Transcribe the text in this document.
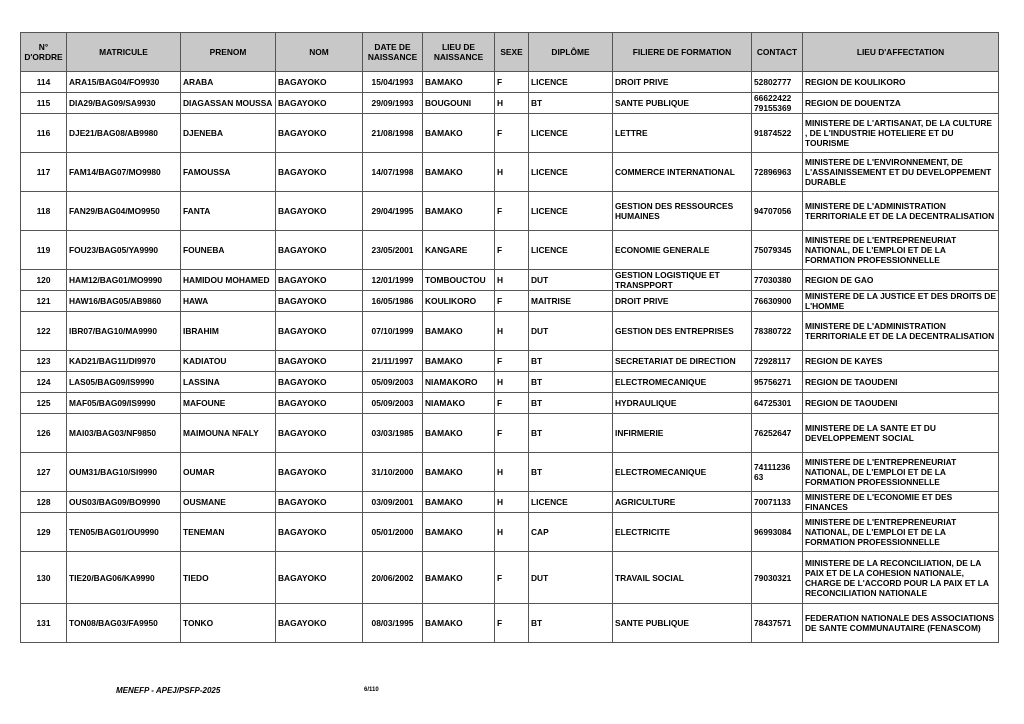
N° D'ORDRE	MATRICULE	PRENOM	NOM	DATE DE NAISSANCE	LIEU DE NAISSANCE	SEXE	DIPLÔME	FILIERE DE FORMATION	CONTACT	LIEU D'AFFECTATION
114	ARA15/BAG04/FO9930	ARABA	BAGAYOKO	15/04/1993	BAMAKO	F	LICENCE	DROIT PRIVE	52802777	REGION DE KOULIKORO
115	DIA29/BAG09/SA9930	DIAGASSAN MOUSSA	BAGAYOKO	29/09/1993	BOUGOUNI	H	BT	SANTE PUBLIQUE	66622422 79155369	REGION DE DOUENTZA
116	DJE21/BAG08/AB9980	DJENEBA	BAGAYOKO	21/08/1998	BAMAKO	F	LICENCE	LETTRE	91874522	MINISTERE DE L'ARTISANAT, DE LA CULTURE , DE L'INDUSTRIE HOTELIERE ET DU TOURISME
117	FAM14/BAG07/MO9980	FAMOUSSA	BAGAYOKO	14/07/1998	BAMAKO	H	LICENCE	COMMERCE INTERNATIONAL	72896963	MINISTERE DE L'ENVIRONNEMENT, DE L'ASSAINISSEMENT ET DU DEVELOPPEMENT DURABLE
118	FAN29/BAG04/MO9950	FANTA	BAGAYOKO	29/04/1995	BAMAKO	F	LICENCE	GESTION DES RESSOURCES HUMAINES	94707056	MINISTERE DE L'ADMINISTRATION TERRITORIALE ET DE LA DECENTRALISATION
119	FOU23/BAG05/YA9990	FOUNEBA	BAGAYOKO	23/05/2001	KANGARE	F	LICENCE	ECONOMIE GENERALE	75079345	MINISTERE DE L'ENTREPRENEURIAT NATIONAL, DE L'EMPLOI ET DE LA FORMATION PROFESSIONNELLE
120	HAM12/BAG01/MO9990	HAMIDOU MOHAMED	BAGAYOKO	12/01/1999	TOMBOUCTOU	H	DUT	GESTION LOGISTIQUE ET TRANSPPORT	77030380	REGION DE GAO
121	HAW16/BAG05/AB9860	HAWA	BAGAYOKO	16/05/1986	KOULIKORO	F	MAITRISE	DROIT PRIVE	76630900	MINISTERE DE LA JUSTICE ET DES DROITS DE L'HOMME
122	IBR07/BAG10/MA9990	IBRAHIM	BAGAYOKO	07/10/1999	BAMAKO	H	DUT	GESTION DES ENTREPRISES	78380722	MINISTERE DE L'ADMINISTRATION TERRITORIALE ET DE LA DECENTRALISATION
123	KAD21/BAG11/DI9970	KADIATOU	BAGAYOKO	21/11/1997	BAMAKO	F	BT	SECRETARIAT DE DIRECTION	72928117	REGION DE KAYES
124	LAS05/BAG09/IS9990	LASSINA	BAGAYOKO	05/09/2003	NIAMAKORO	H	BT	ELECTROMECANIQUE	95756271	REGION DE TAOUDENI
125	MAF05/BAG09/IS9990	MAFOUNE	BAGAYOKO	05/09/2003	NIAMAKO	F	BT	HYDRAULIQUE	64725301	REGION DE TAOUDENI
126	MAI03/BAG03/NF9850	MAIMOUNA NFALY	BAGAYOKO	03/03/1985	BAMAKO	F	BT	INFIRMERIE	76252647	MINISTERE DE LA SANTE ET DU DEVELOPPEMENT SOCIAL
127	OUM31/BAG10/SI9990	OUMAR	BAGAYOKO	31/10/2000	BAMAKO	H	BT	ELECTROMECANIQUE	74111236 63	MINISTERE DE L'ENTREPRENEURIAT NATIONAL, DE L'EMPLOI ET DE LA FORMATION PROFESSIONNELLE
128	OUS03/BAG09/BO9990	OUSMANE	BAGAYOKO	03/09/2001	BAMAKO	H	LICENCE	AGRICULTURE	70071133	MINISTERE DE L'ECONOMIE ET DES FINANCES
129	TEN05/BAG01/OU9990	TENEMAN	BAGAYOKO	05/01/2000	BAMAKO	H	CAP	ELECTRICITE	96993084	MINISTERE DE L'ENTREPRENEURIAT NATIONAL, DE L'EMPLOI ET DE LA FORMATION PROFESSIONNELLE
130	TIE20/BAG06/KA9990	TIEDO	BAGAYOKO	20/06/2002	BAMAKO	F	DUT	TRAVAIL SOCIAL	79030321	MINISTERE DE LA RECONCILIATION, DE LA PAIX ET DE LA COHESION NATIONALE, CHARGE DE L'ACCORD POUR LA PAIX ET LA RECONCILIATION NATIONALE
131	TON08/BAG03/FA9950	TONKO	BAGAYOKO	08/03/1995	BAMAKO	F	BT	SANTE PUBLIQUE	78437571	FEDERATION NATIONALE DES ASSOCIATIONS DE SANTE COMMUNAUTAIRE (FENASCOM)
MENEFP - APEJ/PSFP-2025	6/110
